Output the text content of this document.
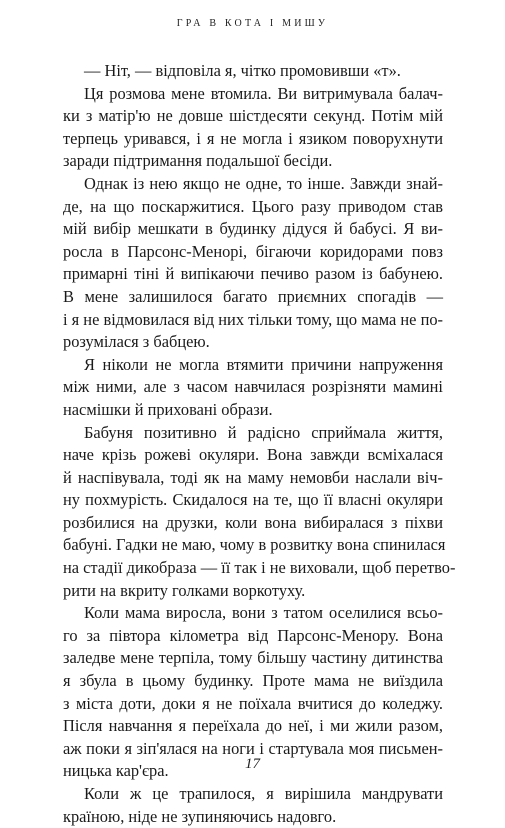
ГРА В КОТА І МИШУ

— Ніт, — відповіла я, чітко промовивши «т».

Ця розмова мене втомила. Ви витримувала балач-
ки з матір'ю не довше шістдесяти секунд. Потім мій
терпець уривався, і я не могла і язиком поворухнути
заради підтримання подальшої бесіди.

Однак із нею якщо не одне, то інше. Завжди знай-
де, на що поскаржитися. Цього разу приводом став
мій вибір мешкати в будинку дідуся й бабусі. Я ви-
росла в Парсонс-Менорі, бігаючи коридорами повз
примарні тіні й випікаючи печиво разом із бабунею.
В мене залишилося багато приємних спогадів —
і я не відмовилася від них тільки тому, що мама не по-
розумілася з бабцею.

Я ніколи не могла втямити причини напруження
між ними, але з часом навчилася розрізняти мамині
насмішки й приховані образи.

Бабуня позитивно й радісно сприймала життя,
наче крізь рожеві окуляри. Вона завжди всміхалася
й наспівувала, тоді як на маму немовби наслали віч-
ну похмурість. Скидалося на те, що її власні окуляри
розбилися на друзки, коли вона вибиралася з піхви
бабуні. Гадки не маю, чому в розвитку вона спинилася
на стадії дикобраза — її так і не виховали, щоб перетво-
рити на вкриту голками воркотуху.

Коли мама виросла, вони з татом оселилися всьо-
го за півтора кілометра від Парсонс-Менору. Вона
заледве мене терпіла, тому більшу частину дитинства
я збула в цьому будинку. Проте мама не виїздила
з міста доти, доки я не поїхала вчитися до коледжу.
Після навчання я переїхала до неї, і ми жили разом,
аж поки я зіп'ялася на ноги і стартувала моя письмен-
ницька кар'єра.

Коли ж це трапилося, я вирішила мандрувати
країною, ніде не зупиняючись надовго.

17
